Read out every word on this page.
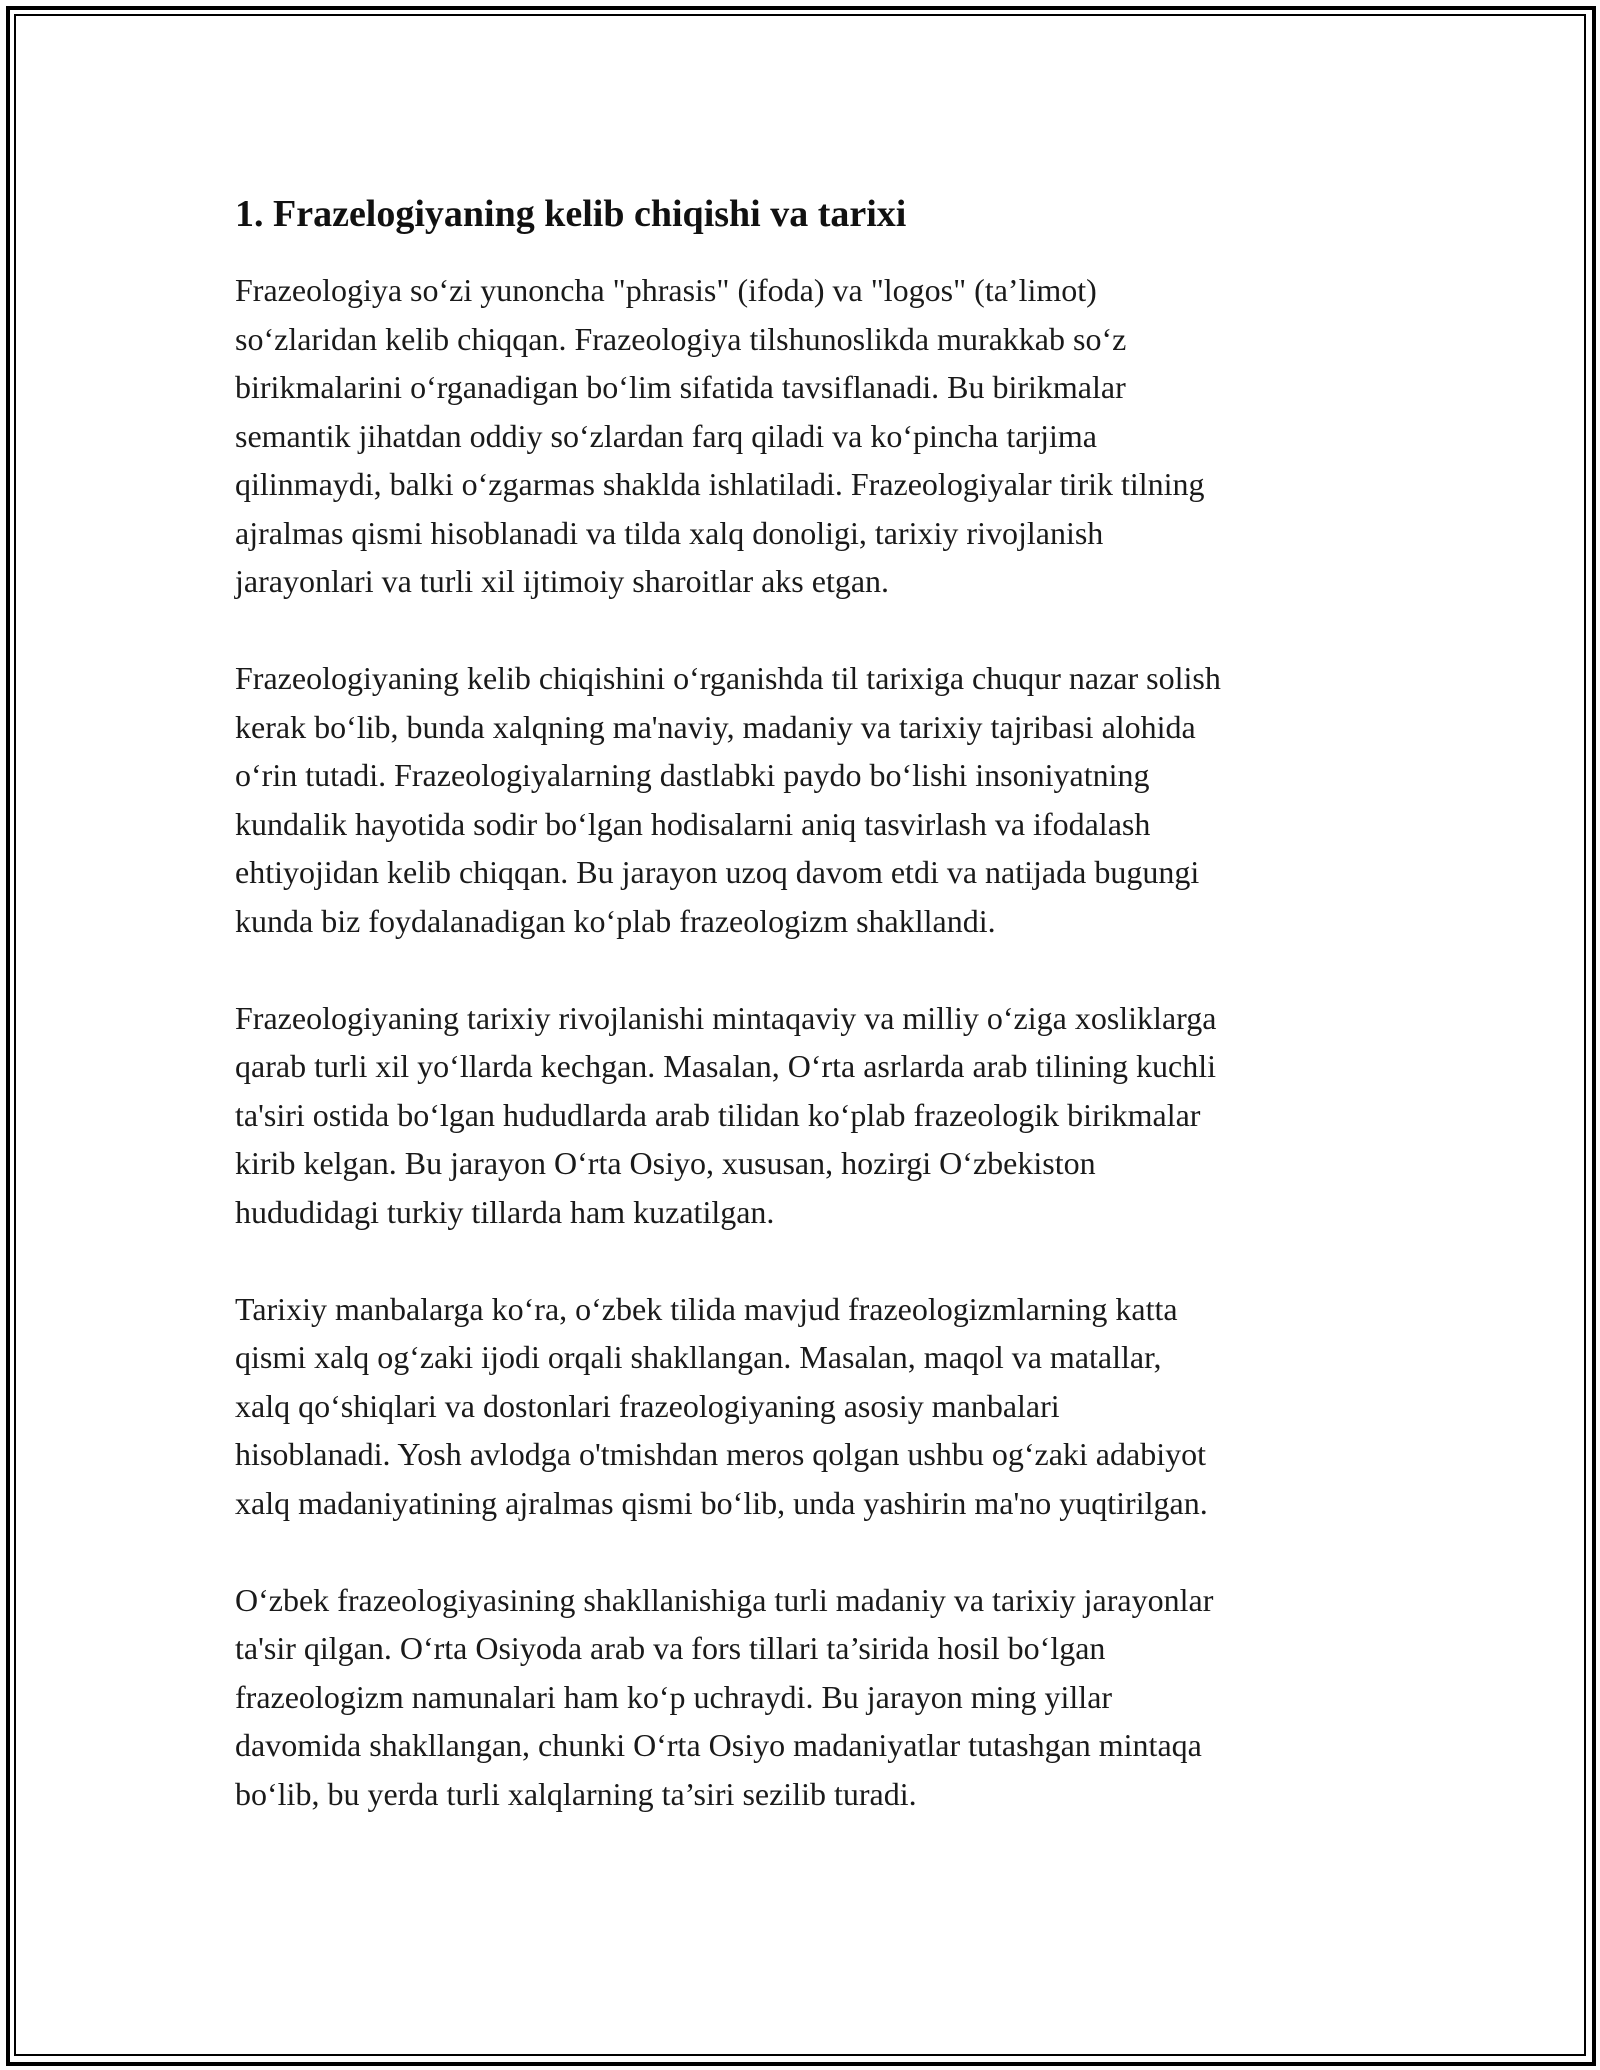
1. Frazelogiyaning kelib chiqishi va tarixi

Frazeologiya so‘zi yunoncha "phrasis" (ifoda) va "logos" (ta’limot)
so‘zlaridan kelib chiqqan. Frazeologiya tilshunoslikda murakkab so‘z
birikmalarini o‘rganadigan bo‘lim sifatida tavsiflanadi. Bu birikmalar
semantik jihatdan oddiy so‘zlardan farq qiladi va ko‘pincha tarjima
qilinmaydi, balki o‘zgarmas shaklda ishlatiladi. Frazeologiyalar tirik tilning
ajralmas qismi hisoblanadi va tilda xalq donoligi, tarixiy rivojlanish
jarayonlari va turli xil ijtimoiy sharoitlar aks etgan.

Frazeologiyaning kelib chiqishini o‘rganishda til tarixiga chuqur nazar solish
kerak bo‘lib, bunda xalqning ma'naviy, madaniy va tarixiy tajribasi alohida
o‘rin tutadi. Frazeologiyalarning dastlabki paydo bo‘lishi insoniyatning
kundalik hayotida sodir bo‘lgan hodisalarni aniq tasvirlash va ifodalash
ehtiyojidan kelib chiqqan. Bu jarayon uzoq davom etdi va natijada bugungi
kunda biz foydalanadigan ko‘plab frazeologizm shakllandi.

Frazeologiyaning tarixiy rivojlanishi mintaqaviy va milliy o‘ziga xosliklarga
qarab turli xil yo‘llarda kechgan. Masalan, O‘rta asrlarda arab tilining kuchli
ta'siri ostida bo‘lgan hududlarda arab tilidan ko‘plab frazeologik birikmalar
kirib kelgan. Bu jarayon O‘rta Osiyo, xususan, hozirgi O‘zbekiston
hududidagi turkiy tillarda ham kuzatilgan.

Tarixiy manbalarga ko‘ra, o‘zbek tilida mavjud frazeologizmlarning katta
qismi xalq og‘zaki ijodi orqali shakllangan. Masalan, maqol va matallar,
xalq qo‘shiqlari va dostonlari frazeologiyaning asosiy manbalari
hisoblanadi. Yosh avlodga o'tmishdan meros qolgan ushbu og‘zaki adabiyot
xalq madaniyatining ajralmas qismi bo‘lib, unda yashirin ma'no yuqtirilgan.

O‘zbek frazeologiyasining shakllanishiga turli madaniy va tarixiy jarayonlar
ta'sir qilgan. O‘rta Osiyoda arab va fors tillari ta’sirida hosil bo‘lgan
frazeologizm namunalari ham ko‘p uchraydi. Bu jarayon ming yillar
davomida shakllangan, chunki O‘rta Osiyo madaniyatlar tutashgan mintaqa
bo‘lib, bu yerda turli xalqlarning ta’siri sezilib turadi.
